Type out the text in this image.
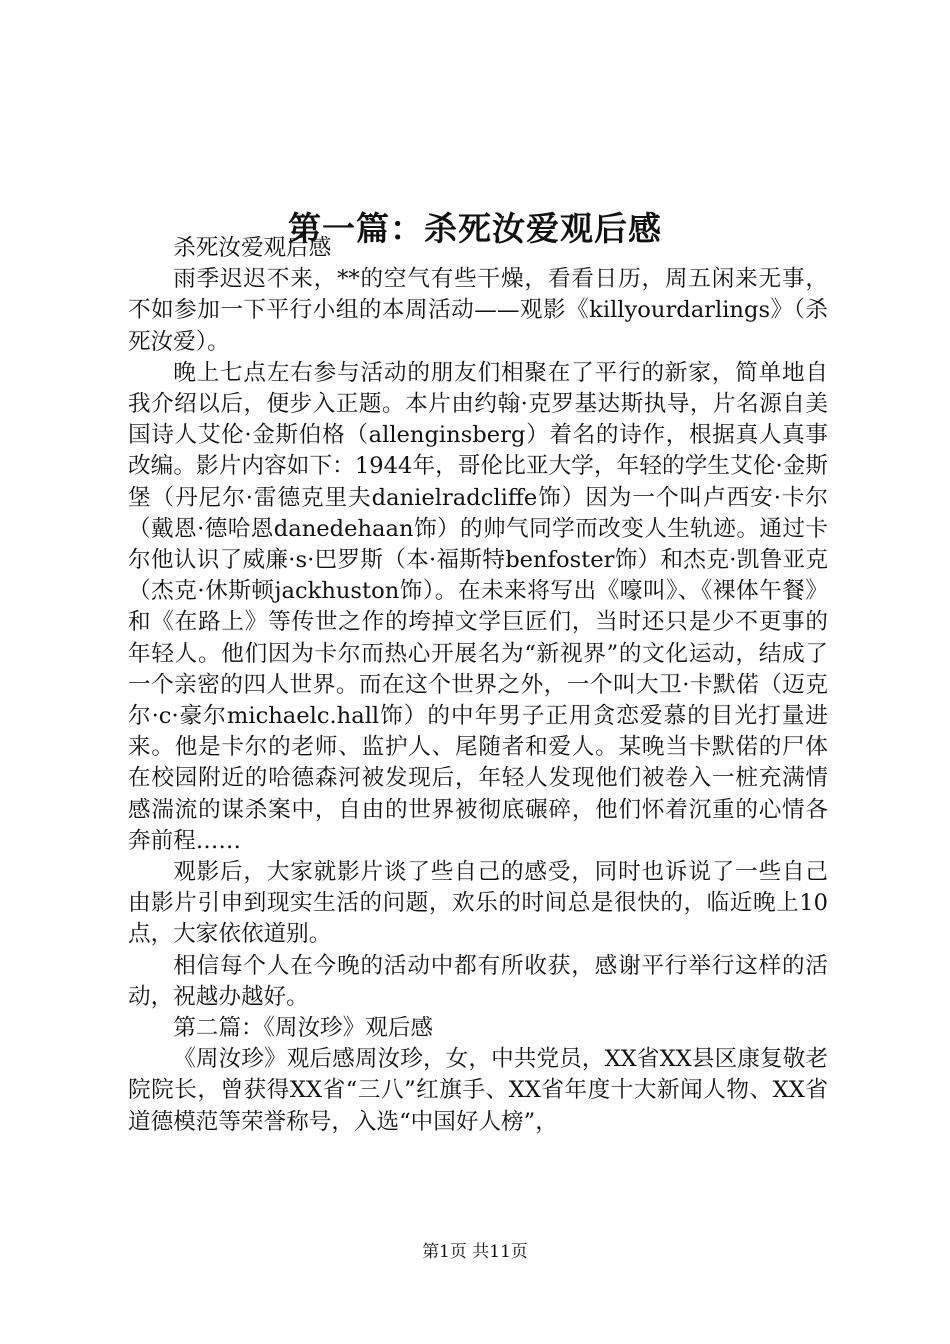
第一篇：杀死汝爱观后感

杀死汝爱观后感

雨季迟迟不来，**的空气有些干燥，看看日历，周五闲来无事，不如参加一下平行小组的本周活动——观影《killyourdarlings》（杀死汝爱）。

晚上七点左右参与活动的朋友们相聚在了平行的新家，简单地自我介绍以后，便步入正题。本片由约翰·克罗基达斯执导，片名源自美国诗人艾伦·金斯伯格（allenginsberg）着名的诗作，根据真人真事改编。影片内容如下：1944年，哥伦比亚大学，年轻的学生艾伦·金斯堡（丹尼尔·雷德克里夫danielradcliffe饰）因为一个叫卢西安·卡尔（戴恩·德哈恩danedehaan饰）的帅气同学而改变人生轨迹。通过卡尔他认识了威廉·s·巴罗斯（本·福斯特benfoster饰）和杰克·凯鲁亚克（杰克·休斯顿jackhuston饰）。在未来将写出《嚎叫》、《裸体午餐》和《在路上》等传世之作的垮掉文学巨匠们，当时还只是少不更事的年轻人。他们因为卡尔而热心开展名为“新视界”的文化运动，结成了一个亲密的四人世界。而在这个世界之外，一个叫大卫·卡默偌（迈克尔·c·豪尔michaelc.hall饰）的中年男子正用贪恋爱慕的目光打量进来。他是卡尔的老师、监护人、尾随者和爱人。某晚当卡默偌的尸体在校园附近的哈德森河被发现后，年轻人发现他们被卷入一桩充满情感湍流的谋杀案中，自由的世界被彻底碾碎，他们怀着沉重的心情各奔前程……

观影后，大家就影片谈了些自己的感受，同时也诉说了一些自己由影片引申到现实生活的问题，欢乐的时间总是很快的，临近晚上10点，大家依依道别。

相信每个人在今晚的活动中都有所收获，感谢平行举行这样的活动，祝越办越好。

第二篇：《周汝珍》观后感

《周汝珍》观后感周汝珍，女，中共党员，XX省XX县区康复敬老院院长，曾获得XX省“三八”红旗手、XX省年度十大新闻人物、XX省道德模范等荣誉称号，入选“中国好人榜”，

第1页 共11页
